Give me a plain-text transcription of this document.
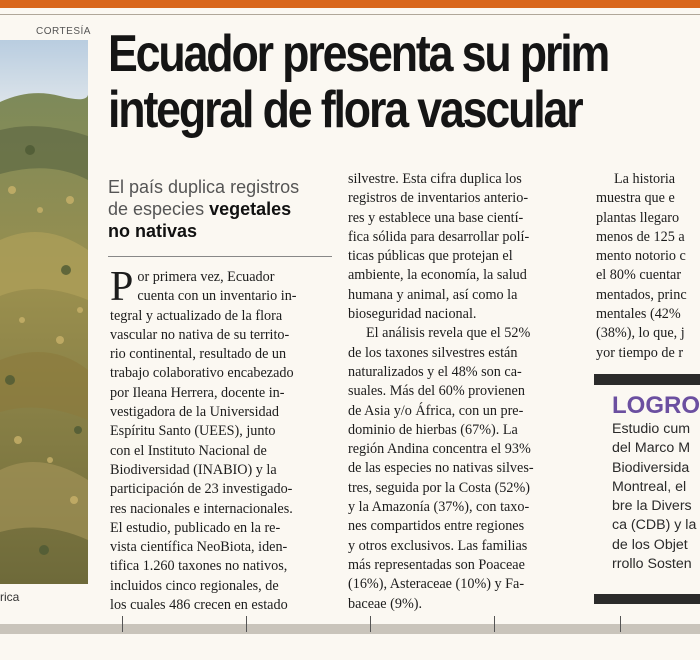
CORTESÍA
rica
Ecuador presenta su prim
integral de flora vascular
El país duplica registros
de especies vegetales
no nativas
P or primera vez, Ecuador
cuenta con un inventario in-
tegral y actualizado de la flora
vascular no nativa de su territo-
rio continental, resultado de un
trabajo colaborativo encabezado
por Ileana Herrera, docente in-
vestigadora de la Universidad
Espíritu Santo (UEES), junto
con el Instituto Nacional de
Biodiversidad (INABIO) y la
participación de 23 investigado-
res nacionales e internacionales.
El estudio, publicado en la re-
vista científica NeoBiota, iden-
tifica 1.260 taxones no nativos,
incluidos cinco regionales, de
los cuales 486 crecen en estado

silvestre. Esta cifra duplica los
registros de inventarios anterio-
res y establece una base cientí-
fica sólida para desarrollar polí-
ticas públicas que protejan el
ambiente, la economía, la salud
humana y animal, así como la
bioseguridad nacional.

El análisis revela que el 52%
de los taxones silvestres están
naturalizados y el 48% son ca-
suales. Más del 60% provienen
de Asia y/o África, con un pre-
dominio de hierbas (67%). La
región Andina concentra el 93%
de las especies no nativas silves-
tres, seguida por la Costa (52%)
y la Amazonía (37%), con taxo-
nes compartidos entre regiones
y otros exclusivos. Las familias
más representadas son Poaceae
(16%), Asteraceae (10%) y Fa-
baceae (9%).

La historia
muestra que e
plantas llegaro
menos de 125 a
mento notorio c
el 80% cuentar
mentados, princ
mentales (42%
(38%), lo que, j
yor tiempo de r

LOGRO
Estudio cum
del Marco M
Biodiversida
Montreal, el
bre la Divers
ca (CDB) y la
de los Objet
rrollo Sosten
